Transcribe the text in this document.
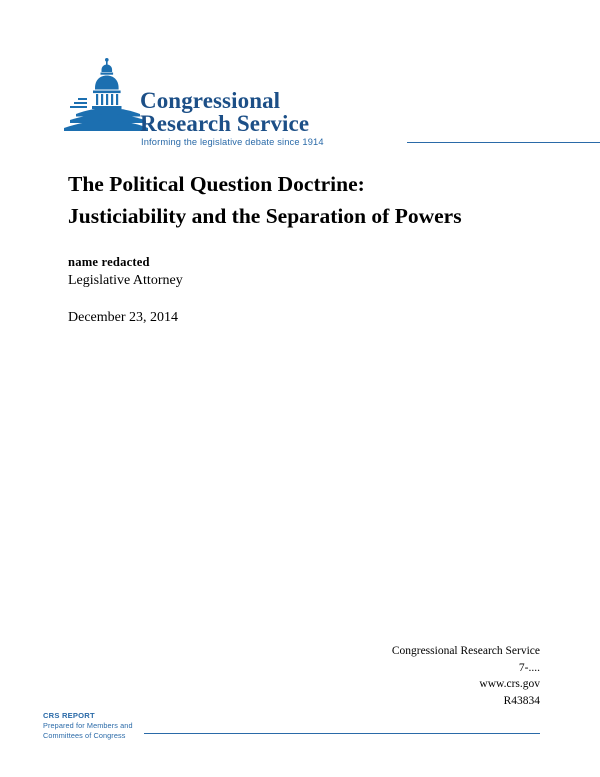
Congressional
Research Service
Informing the legislative debate since 1914
The Political Question Doctrine:
Justiciability and the Separation of Powers
name redacted
Legislative Attorney
December 23, 2014
Congressional Research Service
7-....
www.crs.gov
R43834
CRS REPORT
Prepared for Members and
Committees of Congress
